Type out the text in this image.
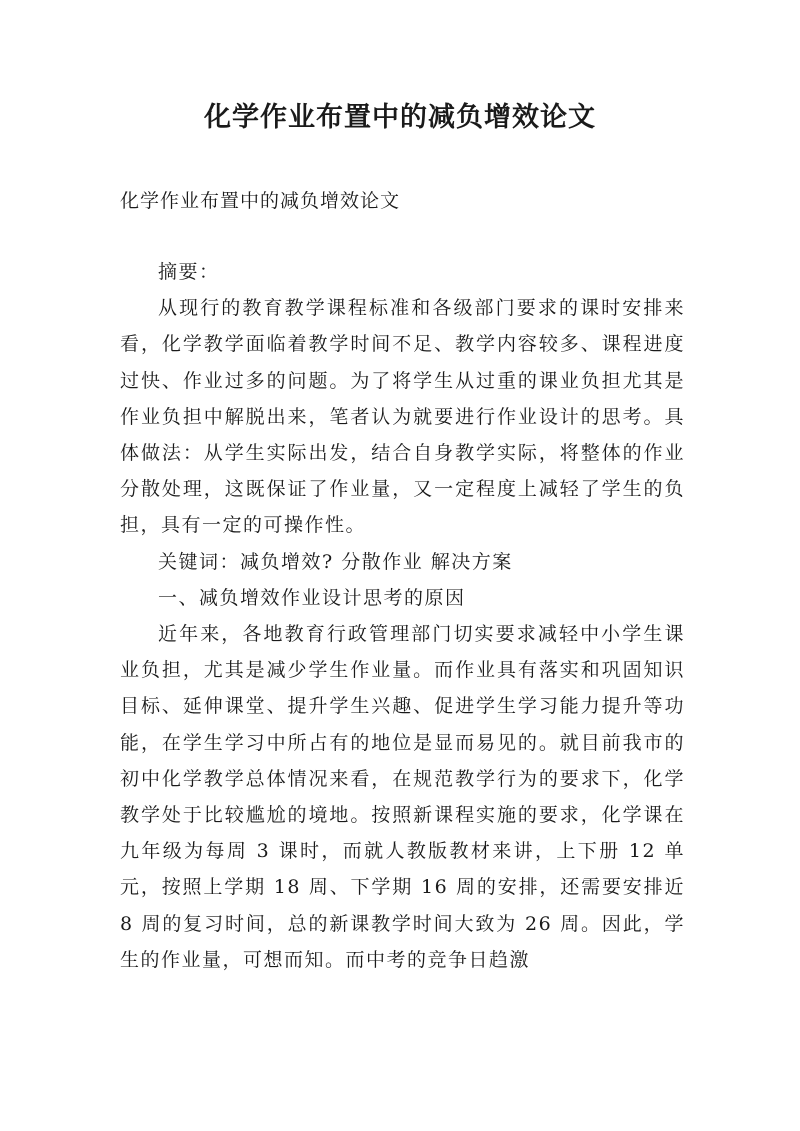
化学作业布置中的减负增效论文

化学作业布置中的减负增效论文

摘要：

从现行的教育教学课程标准和各级部门要求的课时安排来看，化学教学面临着教学时间不足、教学内容较多、课程进度过快、作业过多的问题。为了将学生从过重的课业负担尤其是作业负担中解脱出来，笔者认为就要进行作业设计的思考。具体做法：从学生实际出发，结合自身教学实际，将整体的作业分散处理，这既保证了作业量，又一定程度上减轻了学生的负担，具有一定的可操作性。

关键词：减负增效? 分散作业 解决方案

一、减负增效作业设计思考的原因

近年来，各地教育行政管理部门切实要求减轻中小学生课业负担，尤其是减少学生作业量。而作业具有落实和巩固知识目标、延伸课堂、提升学生兴趣、促进学生学习能力提升等功能，在学生学习中所占有的地位是显而易见的。就目前我市的初中化学教学总体情况来看，在规范教学行为的要求下，化学教学处于比较尴尬的境地。按照新课程实施的要求，化学课在九年级为每周 3 课时，而就人教版教材来讲，上下册 12 单元，按照上学期 18 周、下学期 16 周的安排，还需要安排近 8 周的复习时间，总的新课教学时间大致为 26 周。因此，学生的作业量，可想而知。而中考的竞争日趋激
